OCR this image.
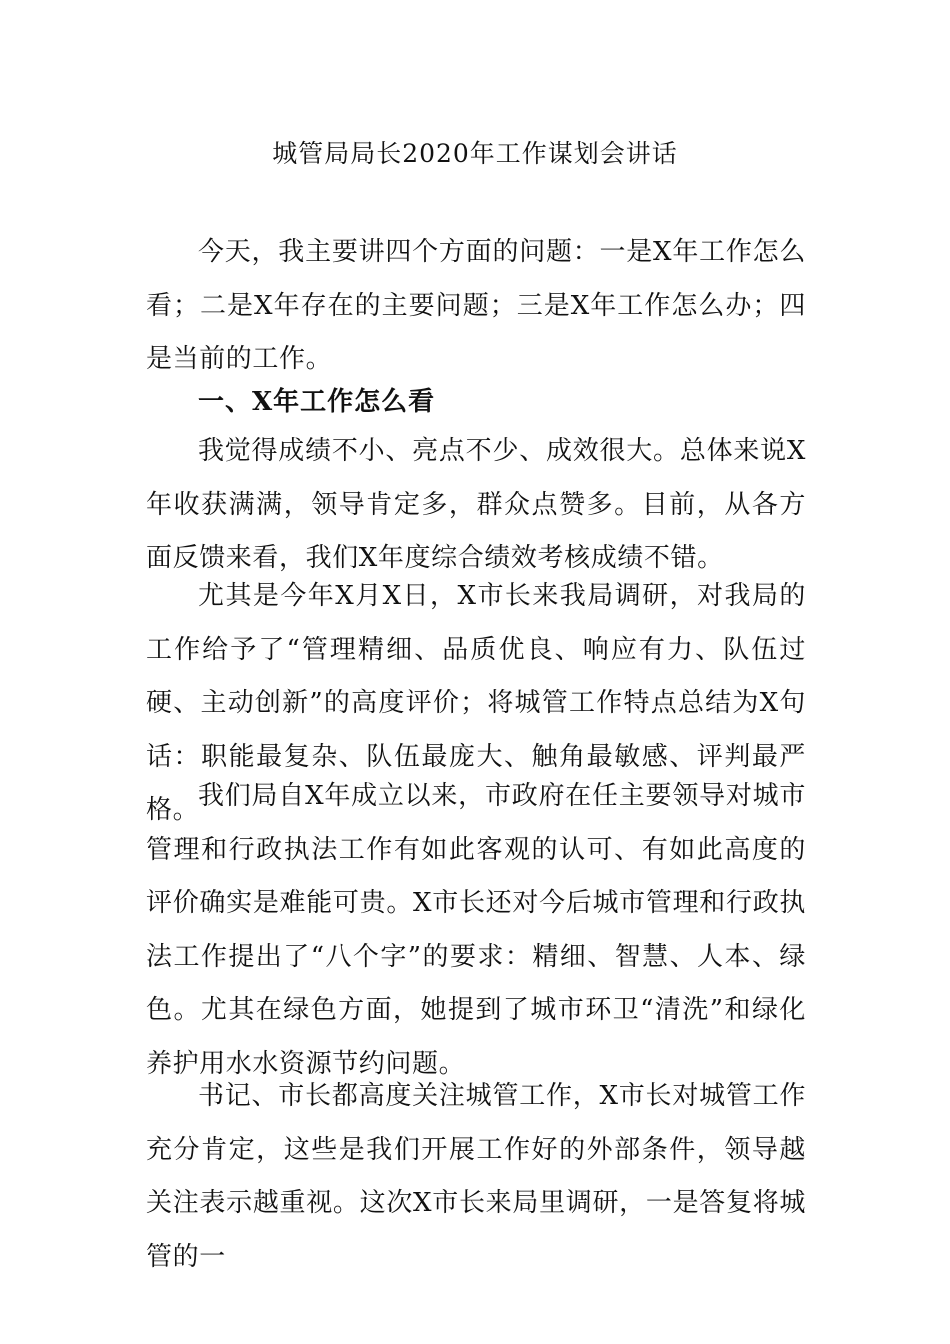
城管局局长2020年工作谋划会讲话

今天，我主要讲四个方面的问题：一是X年工作怎么看；二是X年存在的主要问题；三是X年工作怎么办；四是当前的工作。

一、X年工作怎么看

我觉得成绩不小、亮点不少、成效很大。总体来说X年收获满满，领导肯定多，群众点赞多。目前，从各方面反馈来看，我们X年度综合绩效考核成绩不错。

尤其是今年X月X日，X市长来我局调研，对我局的工作给予了“管理精细、品质优良、响应有力、队伍过硬、主动创新”的高度评价；将城管工作特点总结为X句话：职能最复杂、队伍最庞大、触角最敏感、评判最严格。

我们局自X年成立以来，市政府在任主要领导对城市管理和行政执法工作有如此客观的认可、有如此高度的评价确实是难能可贵。X市长还对今后城市管理和行政执法工作提出了“八个字”的要求：精细、智慧、人本、绿色。尤其在绿色方面，她提到了城市环卫“清洗”和绿化养护用水水资源节约问题。

书记、市长都高度关注城管工作，X市长对城管工作充分肯定，这些是我们开展工作好的外部条件，领导越关注表示越重视。这次X市长来局里调研，一是答复将城管的一
